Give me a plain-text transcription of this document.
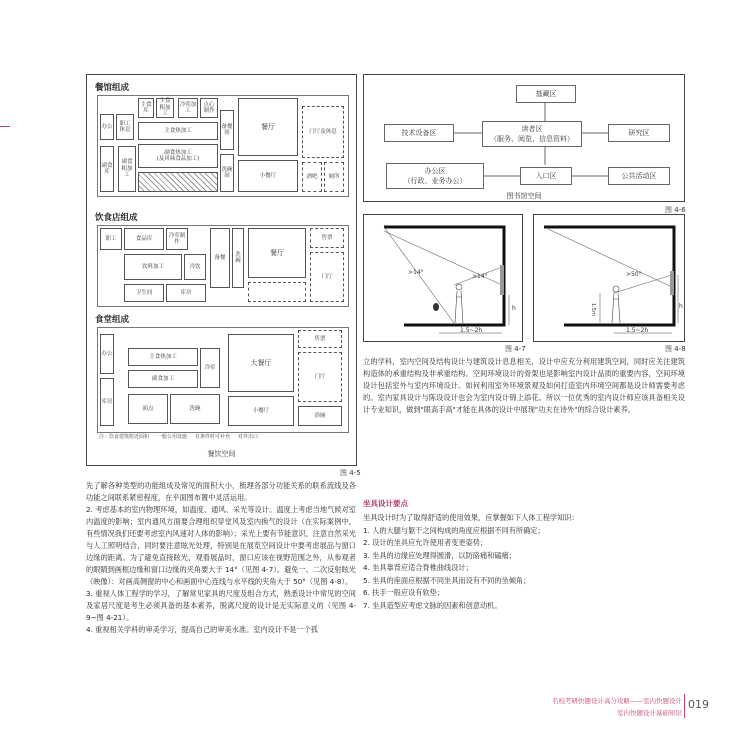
餐馆组成
办公
职工休息
副食库
主食库
主食粗加工
主食热加工
副食粗加工
副食热加工
(及风味食品加工)
冷荤加工
点心制作
备餐间
洗碗间
餐厅
小餐厅
门厅及休息
酒吧	厕所
饮食店组成
职工	食品库
冷荤制作
饮料加工	冷饮
备餐
洗碗
餐厅
售票
门厅
卫生间	库房
食堂组成
办公
库房
主食热加工
副食加工
冷荤
面点	洗碗
大餐厅
小餐厅
售票
门厅
浴厕
注：饮食建筑附近面积 一般公用设施 有条件时可补充 对外出口
餐饮空间
图 4-5
基藏区
技术设备区	读者区
（服务、阅览、信息资料）
研究区
办公区
（行政、业务办公）
入口区	公共活动区
图书馆空间
图 4-6
>14°
>14°
1.5~2h
h
图 4-7
>50°
1.5~2h
h
1.5m
图 4-8
立的学科，室内空间及结构设计与建筑设计息息相关，设计中应充分利用建筑空间，同时应关注建筑构造体的承重结构及非承重结构。空间环境设计的骨架也是影响室内设计品质的重要内容，空间环境设计包括室外与室内环境设计。如何利用室外环境景观及如何打造室内环境空间都是设计师需要考虑的。室内家具设计与陈设设计也会为室内设计锦上添花。所以一位优秀的室内设计师应该具备相关设计专业知识，做到"眼高手高"才能在具体的设计中展现"功夫在诗外"的综合设计素养。

先了解各种类型的功能组成及常见的面积大小，梳理各部分功能关系的联系流线及各功能之间联系紧密程度，在平面图布置中灵活运用。

2. 考虑基本的室内物理环境，如温度、通风、采光等设计。温度上考虑当地气候对室内温度的影响；室内通风方面要合理组织穿堂风及室内换气的设计（在实际案例中，有些情况我们还要考虑室内风速对人体的影响）；采光上要有节能意识，注意自然采光与人工照明结合，同时要注意眩光处理，特别是在展览空间设计中要考虑展品与窗口边缘的距离。为了避免直接眩光，观看展品时，窗口应该在视野范围之外，从参观者的眼睛到画框边缘和窗口边缘的夹角要大于 14°（见图 4-7）。避免一、二次反射眩光（映像）：对画高侧窗的中心和画面中心连线与水平线的夹角大于 50°（见图 4-8）。

3. 重视人体工程学的学习，了解常见家具的尺度及组合方式，熟悉设计中常见的空间及家居尺度是考生必须具备的基本素养，脱离尺度的设计是无实际意义的（见图 4-9~图 4-21）。

4. 重视相关学科的审美学习，提高自己的审美水准。室内设计不是一个孤

坐具设计要点

坐具设计时为了取得舒适的使用效果，应掌握如下人体工程学知识：

1. 人的大腿与躯干之间构成的角度应根据不同有所确定；

2. 设计的坐具应允许使用者变更姿势；

3. 坐具的边缘应处理得圆滑，以防硌痛和磕痛；

4. 坐具靠背应适合脊椎曲线设计；

5. 坐具的座面应根据不同坐具而设有不同的坐倾角；

6. 扶手一般应设有软垫；

7. 坐具造型应考虑文脉的因素和创意动机。

名校考研快题设计高分攻略——室内快题设计
室内快题设计基础知识
019
